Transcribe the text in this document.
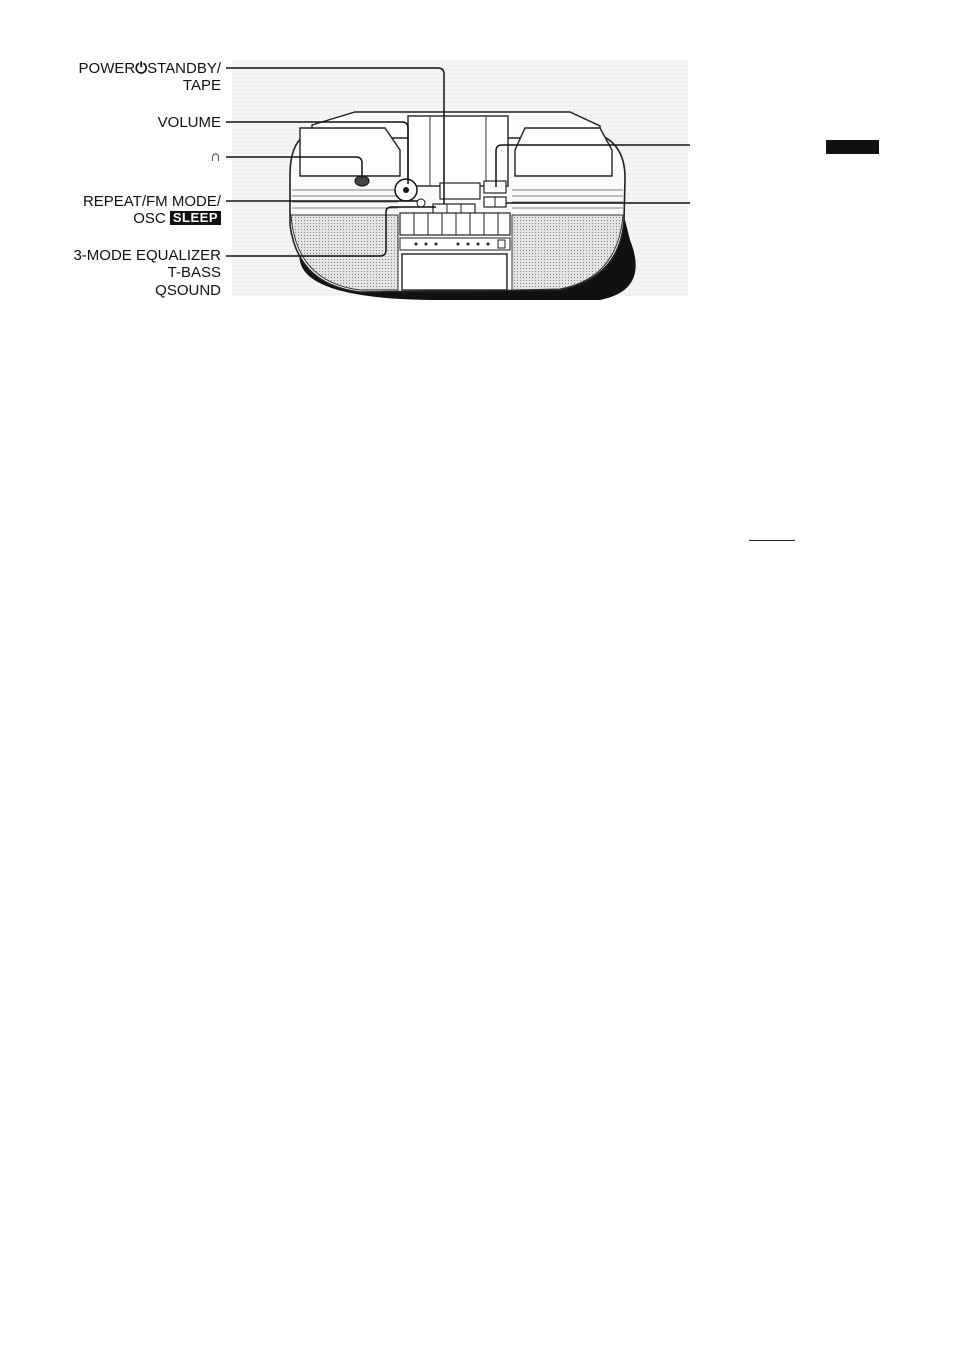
POWER⏻STANDBY/
TAPE
VOLUME
∩
REPEAT/FM MODE/
OSC SLEEP
3-MODE EQUALIZER
T-BASS
QSOUND
